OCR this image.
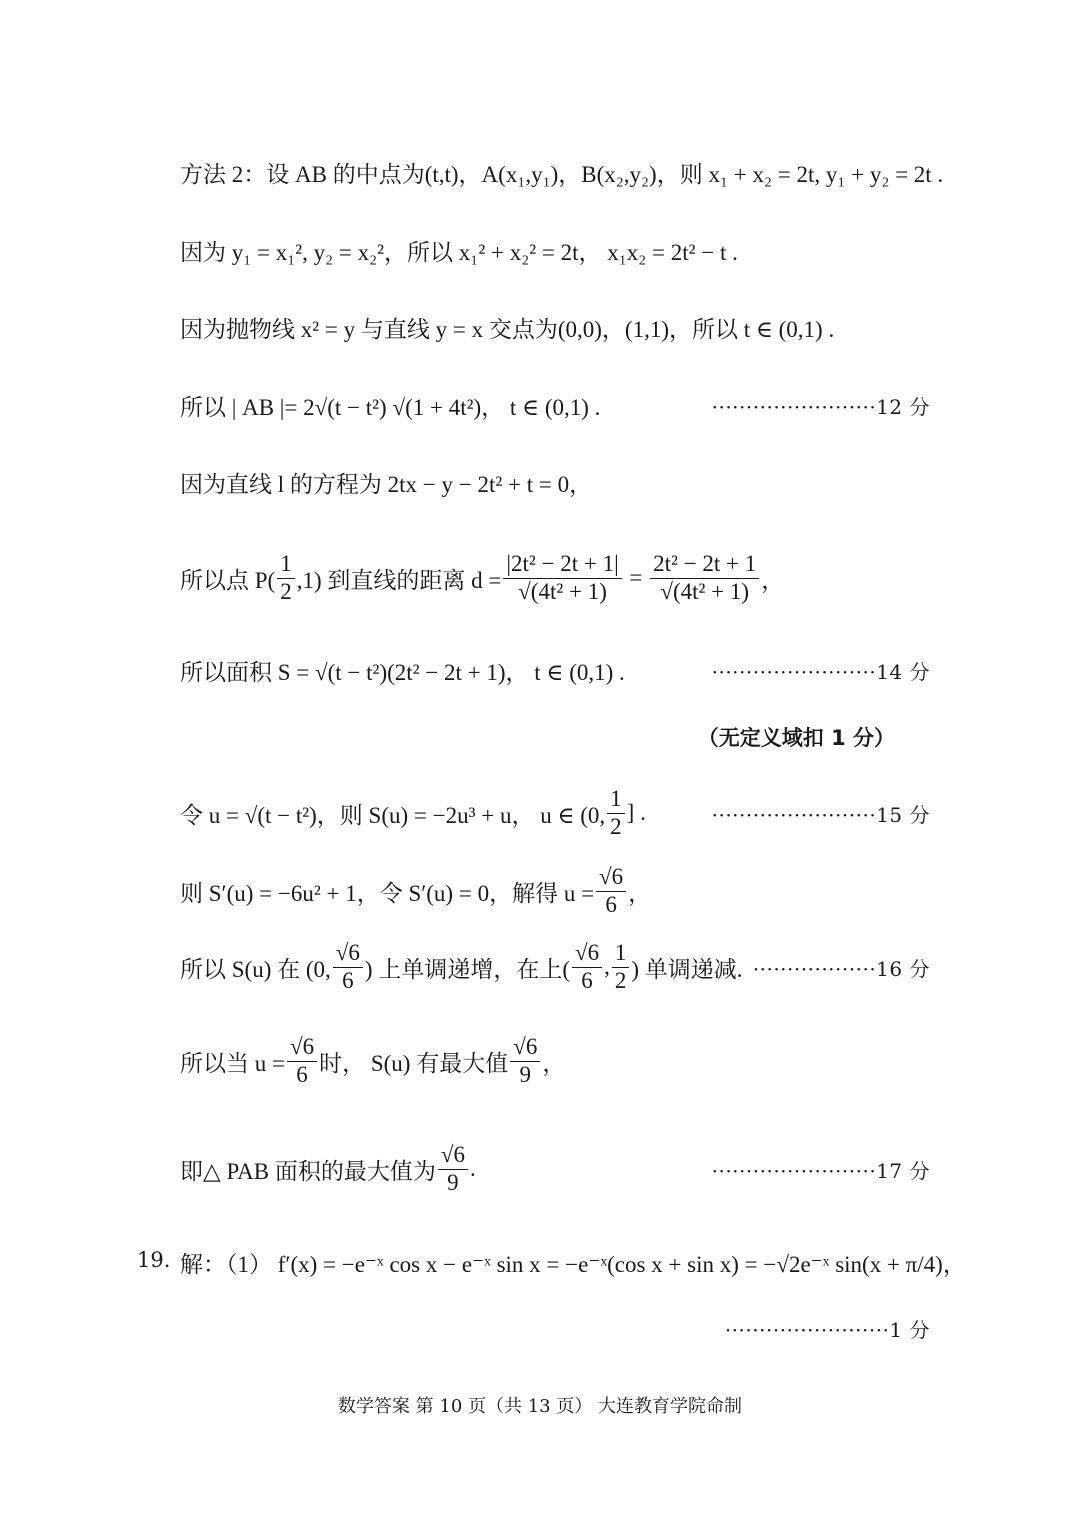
方法 2：设 AB 的中点为(t,t)，A(x₁,y₁)，B(x₂,y₂)，则 x₁ + x₂ = 2t, y₁ + y₂ = 2t .
因为 y₁ = x₁², y₂ = x₂²，所以 x₁² + x₂² = 2t， x₁x₂ = 2t² − t .
因为抛物线 x² = y 与直线 y = x 交点为(0,0)，(1,1)，所以 t ∈ (0,1) .
所以 | AB |= 2√(t − t²) √(1 + 4t²)， t ∈ (0,1) .	························12 分
因为直线 l 的方程为 2tx − y − 2t² + t = 0，
所以点 $P( \frac{1}{2} ,1)$ 到直线的距离 $d = \frac{\text{|2t² − 2t + 1|}}{\text{√(4t² + 1)}} = \frac{\text{2t² − 2t + 1}}{\text{√(4t² + 1)}}$ ，
所以面积 S = √(t − t²)(2t² − 2t + 1)， t ∈ (0,1) .	························14 分
（无定义域扣 1 分）
令 u = √(t − t²)，则 S(u) = −2u³ + u， u ∈ (0, $\frac{1}{2}$ ] .	························15 分
则 S′(u) = −6u² + 1，令 S′(u) = 0，解得 $u = \frac{√6}{6}$ ，
所以 S(u) 在 (0, $\frac{√6}{6}$ ) 上单调递增，在上( $\frac{√6}{6}$ , $\frac{1}{2}$ ) 单调递减. ··················16 分
所以当 $u = \frac{√6}{6}$ 时， S(u) 有最大值 $\frac{√6}{9}$ ，
即△ PAB 面积的最大值为 $\frac{√6}{9}$ .	························17 分
19. 解：（1） f′(x) = −e⁻ˣ cos x − e⁻ˣ sin x = −e⁻ˣ(cos x + sin x) = −√2e⁻ˣ sin(x + π/4)，
························1 分
数学答案 第 10 页（共 13 页） 大连教育学院命制
